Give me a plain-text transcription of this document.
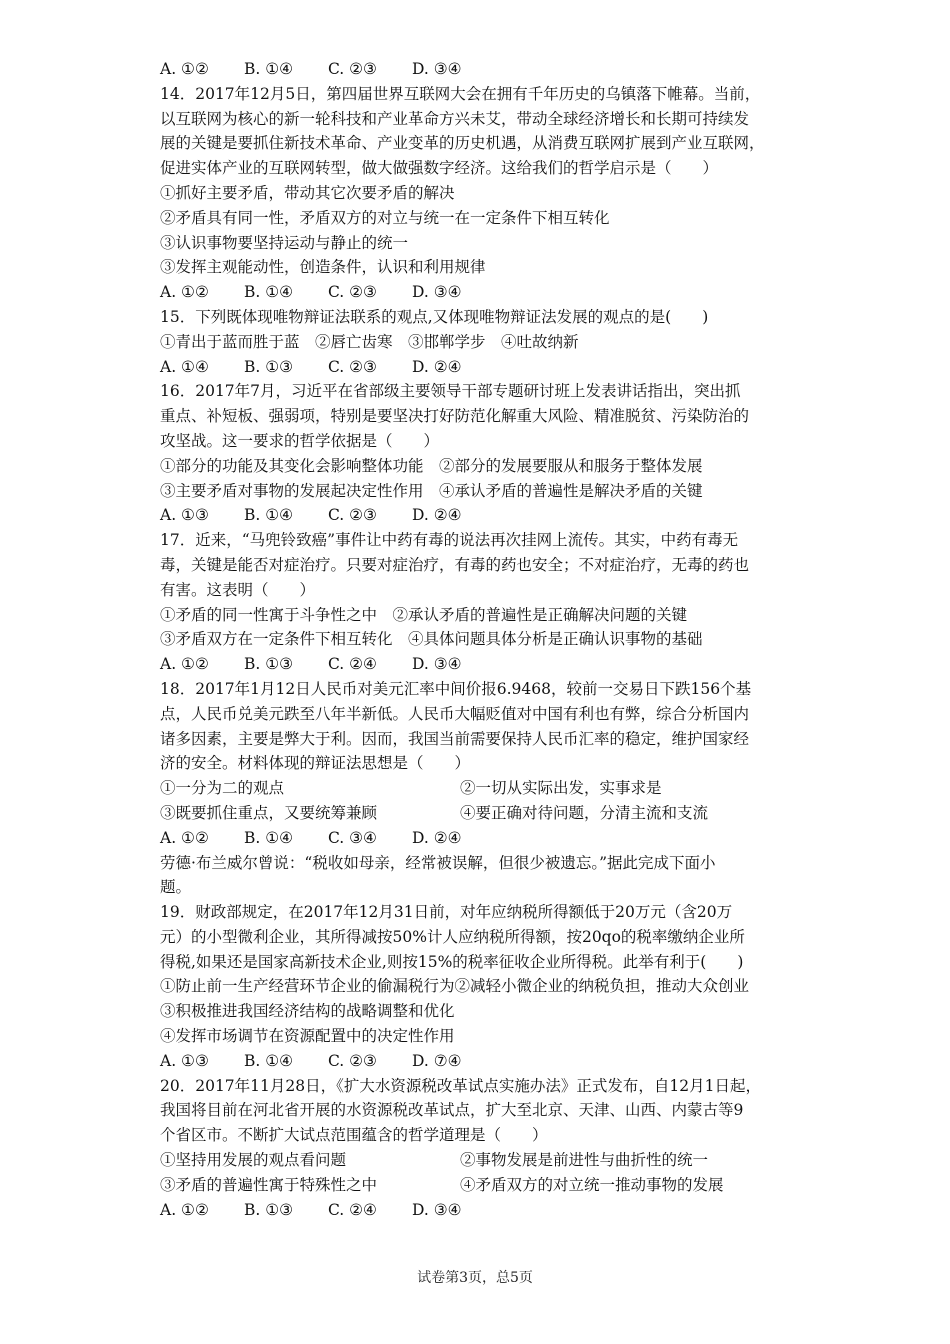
A. ①②	B. ①④	C. ②③	D. ③④
14．2017年12月5日，第四届世界互联网大会在拥有千年历史的乌镇落下帷幕。当前，
以互联网为核心的新一轮科技和产业革命方兴未艾，带动全球经济增长和长期可持续发
展的关键是要抓住新技术革命、产业变革的历史机遇，从消费互联网扩展到产业互联网，
促进实体产业的互联网转型，做大做强数字经济。这给我们的哲学启示是（　　）
①抓好主要矛盾，带动其它次要矛盾的解决
②矛盾具有同一性，矛盾双方的对立与统一在一定条件下相互转化
③认识事物要坚持运动与静止的统一
③发挥主观能动性，创造条件，认识和利用规律
A. ①②	B. ①④	C. ②③	D. ③④
15．下列既体现唯物辩证法联系的观点,又体现唯物辩证法发展的观点的是(　　)
①青出于蓝而胜于蓝　②唇亡齿寒　③邯郸学步　④吐故纳新
A. ①④	B. ①③	C. ②③	D. ②④
16．2017年7月，习近平在省部级主要领导干部专题研讨班上发表讲话指出，突出抓
重点、补短板、强弱项，特别是要坚决打好防范化解重大风险、精准脱贫、污染防治的
攻坚战。这一要求的哲学依据是（　　）
①部分的功能及其变化会影响整体功能　②部分的发展要服从和服务于整体发展
③主要矛盾对事物的发展起决定性作用　④承认矛盾的普遍性是解决矛盾的关键
A. ①③	B. ①④	C. ②③	D. ②④
17．近来，“马兜铃致癌”事件让中药有毒的说法再次挂网上流传。其实，中药有毒无
毒，关键是能否对症治疗。只要对症治疗，有毒的药也安全；不对症治疗，无毒的药也
有害。这表明（　　）
①矛盾的同一性寓于斗争性之中　②承认矛盾的普遍性是正确解决问题的关键
③矛盾双方在一定条件下相互转化　④具体问题具体分析是正确认识事物的基础
A. ①②	B. ①③	C. ②④	D. ③④
18．2017年1月12日人民币对美元汇率中间价报6.9468，较前一交易日下跌156个基
点，人民币兑美元跌至八年半新低。人民币大幅贬值对中国有利也有弊，综合分析国内
诸多因素，主要是弊大于利。因而，我国当前需要保持人民币汇率的稳定，维护国家经
济的安全。材料体现的辩证法思想是（　　）
①一分为二的观点	②一切从实际出发，实事求是
③既要抓住重点，又要统筹兼顾	④要正确对待问题，分清主流和支流
A. ①②	B. ①④	C. ③④	D. ②④
劳德·布兰威尔曾说：“税收如母亲，经常被误解，但很少被遗忘。”据此完成下面小
题。
19．财政部规定，在2017年12月31日前，对年应纳税所得额低于20万元（含20万
元）的小型微利企业，其所得减按50%计人应纳税所得额，按20qo的税率缴纳企业所
得税,如果还是国家高新技术企业,则按15%的税率征收企业所得税。此举有利于(　　)
①防止前一生产经营环节企业的偷漏税行为②减轻小微企业的纳税负担，推动大众创业
③积极推进我国经济结构的战略调整和优化
④发挥市场调节在资源配置中的决定性作用
A. ①③	B. ①④	C. ②③	D. ⑦④
20．2017年11月28日，《扩大水资源税改革试点实施办法》正式发布，自12月1日起，
我国将目前在河北省开展的水资源税改革试点，扩大至北京、天津、山西、内蒙古等9
个省区市。不断扩大试点范围蕴含的哲学道理是（　　）
①坚持用发展的观点看问题	②事物发展是前进性与曲折性的统一
③矛盾的普遍性寓于特殊性之中	④矛盾双方的对立统一推动事物的发展
A. ①②	B. ①③	C. ②④	D. ③④
试卷第3页，总5页
